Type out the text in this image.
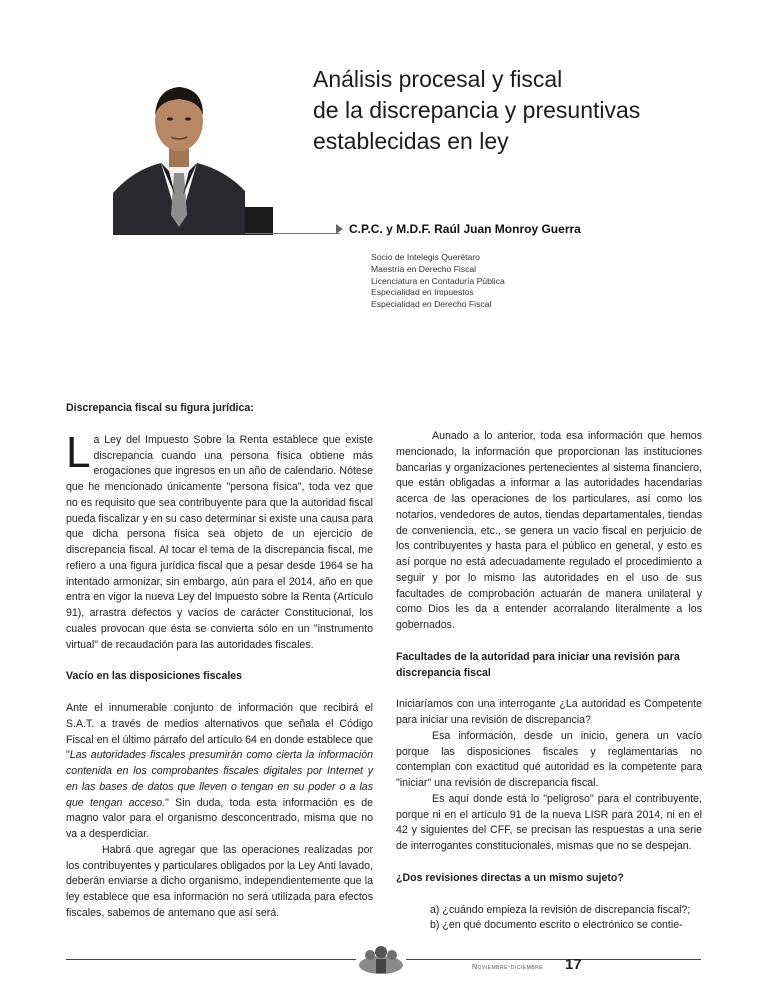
Análisis procesal y fiscal
de la discrepancia y presuntivas
establecidas en ley
C.P.C. y M.D.F. Raúl Juan Monroy Guerra
Socio de Intelegis Querétaro
Maestría en Derecho Fiscal
Licenciatura en Contaduría Pública
Especialidad en Impuestos
Especialidad en Derecho Fiscal

Discrepancia fiscal su figura jurídica:

La Ley del Impuesto Sobre la Renta establece que existe discrepancia cuando una persona física obtiene más erogaciones que ingresos en un año de calendario. Nótese que he mencionado únicamente "persona física", toda vez que no es requisito que sea contribuyente para que la autoridad fiscal pueda fiscalizar y en su caso determinar si existe una causa para que dicha persona física sea objeto de un ejercicio de discrepancia fiscal. Al tocar el tema de la discrepancia fiscal, me refiero a una figura jurídica fiscal que a pesar desde 1964 se ha intentado armonizar, sin embargo, aún para el 2014, año en que entra en vigor la nueva Ley del Impuesto sobre la Renta (Artículo 91), arrastra defectos y vacíos de carácter Constitucional, los cuales provocan que ésta se convierta sólo en un "instrumento virtual" de recaudación para las autoridades fiscales.

Vacío en las disposiciones fiscales

Ante el innumerable conjunto de información que recibirá el S.A.T. a través de medios alternativos que señala el Código Fiscal en el último párrafo del artículo 64 en donde establece que "Las autoridades fiscales presumirán como cierta la información contenida en los comprobantes fiscales digitales por Internet y en las bases de datos que lleven o tengan en su poder o a las que tengan acceso." Sin duda, toda esta información es de magno valor para el organismo desconcentrado, misma que no va a desperdiciar.

Habrá que agregar que las operaciones realizadas por los contribuyentes y particulares obligados por la Ley Anti lavado, deberán enviarse a dicho organismo, independientemente que la ley establece que esa información no será utilizada para efectos fiscales, sabemos de antemano que así será.

Aunado a lo anterior, toda esa información que hemos mencionado, la información que proporcionan las instituciones bancarias y organizaciones pertenecientes al sistema financiero, que están obligadas a informar a las autoridades hacendarias acerca de las operaciones de los particulares, así como los notarios, vendedores de autos, tiendas departamentales, tiendas de conveniencia, etc., se genera un vacío fiscal en perjuicio de los contribuyentes y hasta para el público en general, y esto es así porque no está adecuadamente regulado el procedimiento a seguir y por lo mismo las autoridades en el uso de sus facultades de comprobación actuarán de manera unilateral y como Dios les da a entender acorralando literalmente a los gobernados.

Facultades de la autoridad para iniciar una revisión para discrepancia fiscal

Iniciaríamos con una interrogante ¿La autoridad es Competente para iniciar una revisión de discrepancia?

Esa información, desde un inicio, genera un vacío porque las disposiciones fiscales y reglamentarias no contemplan con exactitud qué autoridad es la competente para "iniciar" una revisión de discrepancia fiscal.

Es aquí donde está lo "peligroso" para el contribuyente, porque ni en el artículo 91 de la nueva LISR para 2014, ni en el 42 y siguientes del CFF, se precisan las respuestas a una serie de interrogantes constitucionales, mismas que no se despejan.

¿Dos revisiones directas a un mismo sujeto?

a) ¿cuándo empieza la revisión de discrepancia fiscal?;

b) ¿en qué documento escrito o electrónico se contie-

Noviembre-diciembre 17
